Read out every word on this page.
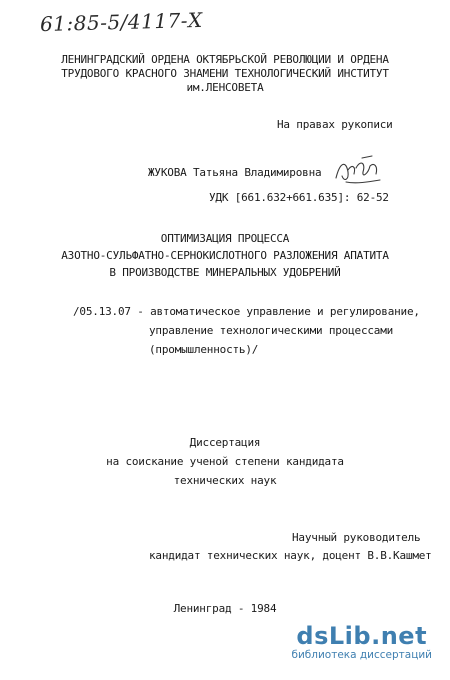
61:85-5/4117-Х
ЛЕНИНГРАДСКИЙ ОРДЕНА ОКТЯБРЬСКОЙ РЕВОЛЮЦИИ И ОРДЕНА
ТРУДОВОГО КРАСНОГО ЗНАМЕНИ ТЕХНОЛОГИЧЕСКИЙ ИНСТИТУТ
им.ЛЕНСОВЕТА
На правах рукописи
ЖУКОВА Татьяна Владимировна
УДК [661.632+661.635]: 62-52
ОПТИМИЗАЦИЯ ПРОЦЕССА
АЗОТНО-СУЛЬФАТНО-СЕРНОКИСЛОТНОГО РАЗЛОЖЕНИЯ АПАТИТА
В ПРОИЗВОДСТВЕ МИНЕРАЛЬНЫХ УДОБРЕНИЙ
/05.13.07 - автоматическое управление и регулирование,
управление технологическими процессами
(промышленность)/
Диссертация
на соискание ученой степени кандидата
технических наук
Научный руководитель
кандидат технических наук, доцент В.В.Кашмет
Ленинград - 1984
dsLib.net
библиотека диссертаций
